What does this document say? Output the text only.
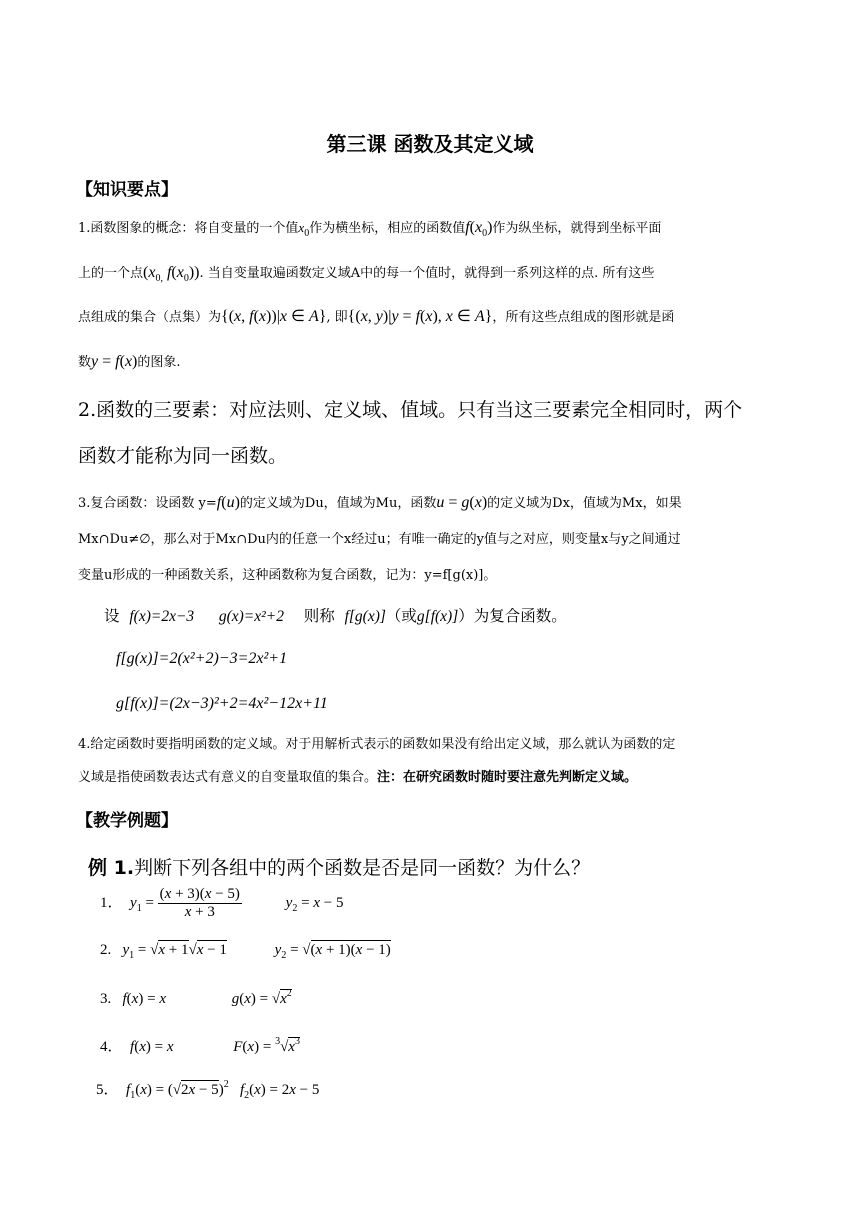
第三课 函数及其定义域
【知识要点】
1.函数图象的概念：将自变量的一个值$x_0$作为横坐标，相应的函数值$f(x_0)$作为纵坐标，就得到坐标平面
上的一个点($x_{0,}$ $f(x_0)$). 当自变量取遍函数定义域A中的每一个值时，就得到一系列这样的点. 所有这些
点组成的集合（点集）为{(x, f(x))|x ∈ A}, 即{(x, y)|y = f(x), x ∈ A}，所有这些点组成的图形就是函
数y = f(x)的图象.
2.函数的三要素：对应法则、定义域、值域。只有当这三要素完全相同时，两个
函数才能称为同一函数。
3.复合函数：设函数 y=f(u)的定义域为Du，值域为Mu，函数u = g(x)的定义域为Dx，值域为Mx，如果
Mx∩Du≠∅，那么对于Mx∩Du内的任意一个x经过u；有唯一确定的y值与之对应，则变量x与y之间通过
变量u形成的一种函数关系，这种函数称为复合函数，记为：y=f[g(x)]。
设 f(x)=2x−3 g(x)=x²+2 则称 f[g(x)]（或g[f(x)]）为复合函数。
f[g(x)]=2(x²+2)−3=2x²+1
g[f(x)]=(2x−3)²+2=4x²−12x+11
4.给定函数时要指明函数的定义域。对于用解析式表示的函数如果没有给出定义域，那么就认为函数的定
义域是指使函数表达式有意义的自变量取值的集合。注：在研究函数时随时要注意先判断定义域。
【教学例题】
例 1.判断下列各组中的两个函数是否是同一函数？为什么？
1． $y_1 = \frac{(x + 3)(x - 5)}{x + 3}$	$y_2 = x - 5$
2. $y_1 = √x + 1√x - 1$	$y_2 = √(x + 1)(x - 1)$
3. f(x) = x	$g(x) = √x^2$
4． f(x) = x	$F(x) = ^3√x^3$
5． $f_1(x) = (√2x - 5)^2$ $f_2(x) = 2x - 5$
